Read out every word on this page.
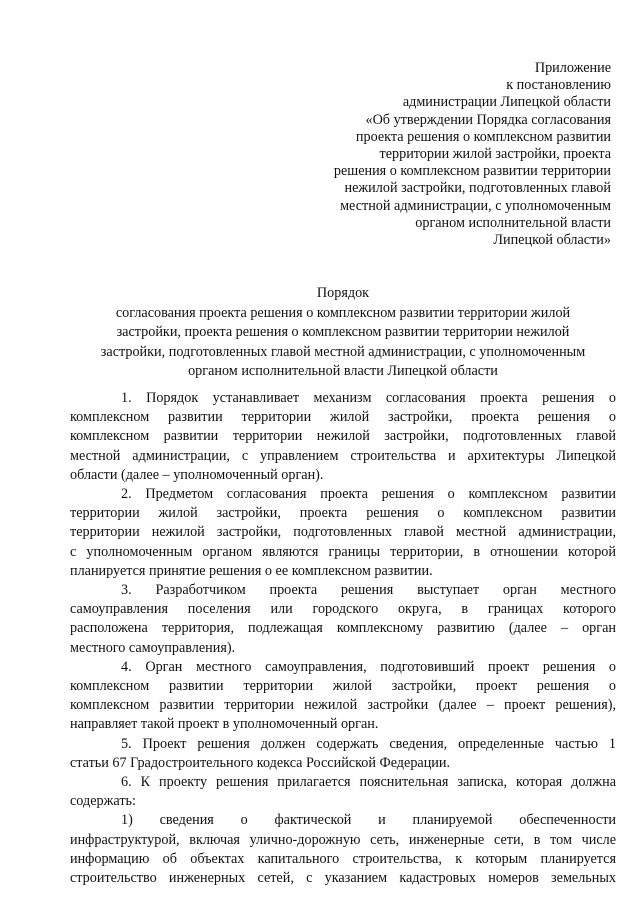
Приложение
к постановлению
администрации Липецкой области
«Об утверждении Порядка согласования
проекта решения о комплексном развитии
территории жилой застройки, проекта
решения о комплексном развитии территории
нежилой застройки, подготовленных главой
местной администрации, с уполномоченным
органом исполнительной власти
Липецкой области»
Порядок
согласования проекта решения о комплексном развитии территории жилой
застройки, проекта решения о комплексном развитии территории нежилой
застройки, подготовленных главой местной администрации, с уполномоченным
органом исполнительной власти Липецкой области
1. Порядок устанавливает механизм согласования проекта решения о
комплексном развитии территории жилой застройки, проекта решения о
комплексном развитии территории нежилой застройки, подготовленных главой
местной администрации, с управлением строительства и архитектуры Липецкой
области (далее – уполномоченный орган).
2. Предметом согласования проекта решения о комплексном развитии
территории жилой застройки, проекта решения о комплексном развитии
территории нежилой застройки, подготовленных главой местной администрации,
с уполномоченным органом являются границы территории, в отношении которой
планируется принятие решения о ее комплексном развитии.
3. Разработчиком проекта решения выступает орган местного
самоуправления поселения или городского округа, в границах которого
расположена территория, подлежащая комплексному развитию (далее – орган
местного самоуправления).
4. Орган местного самоуправления, подготовивший проект решения о
комплексном развитии территории жилой застройки, проект решения о
комплексном развитии территории нежилой застройки (далее – проект решения),
направляет такой проект в уполномоченный орган.
5. Проект решения должен содержать сведения, определенные частью 1
статьи 67 Градостроительного кодекса Российской Федерации.
6. К проекту решения прилагается пояснительная записка, которая должна
содержать:
1) сведения о фактической и планируемой обеспеченности
инфраструктурой, включая улично-дорожную сеть, инженерные сети, в том числе
информацию об объектах капитального строительства, к которым планируется
строительство инженерных сетей, с указанием кадастровых номеров земельных
